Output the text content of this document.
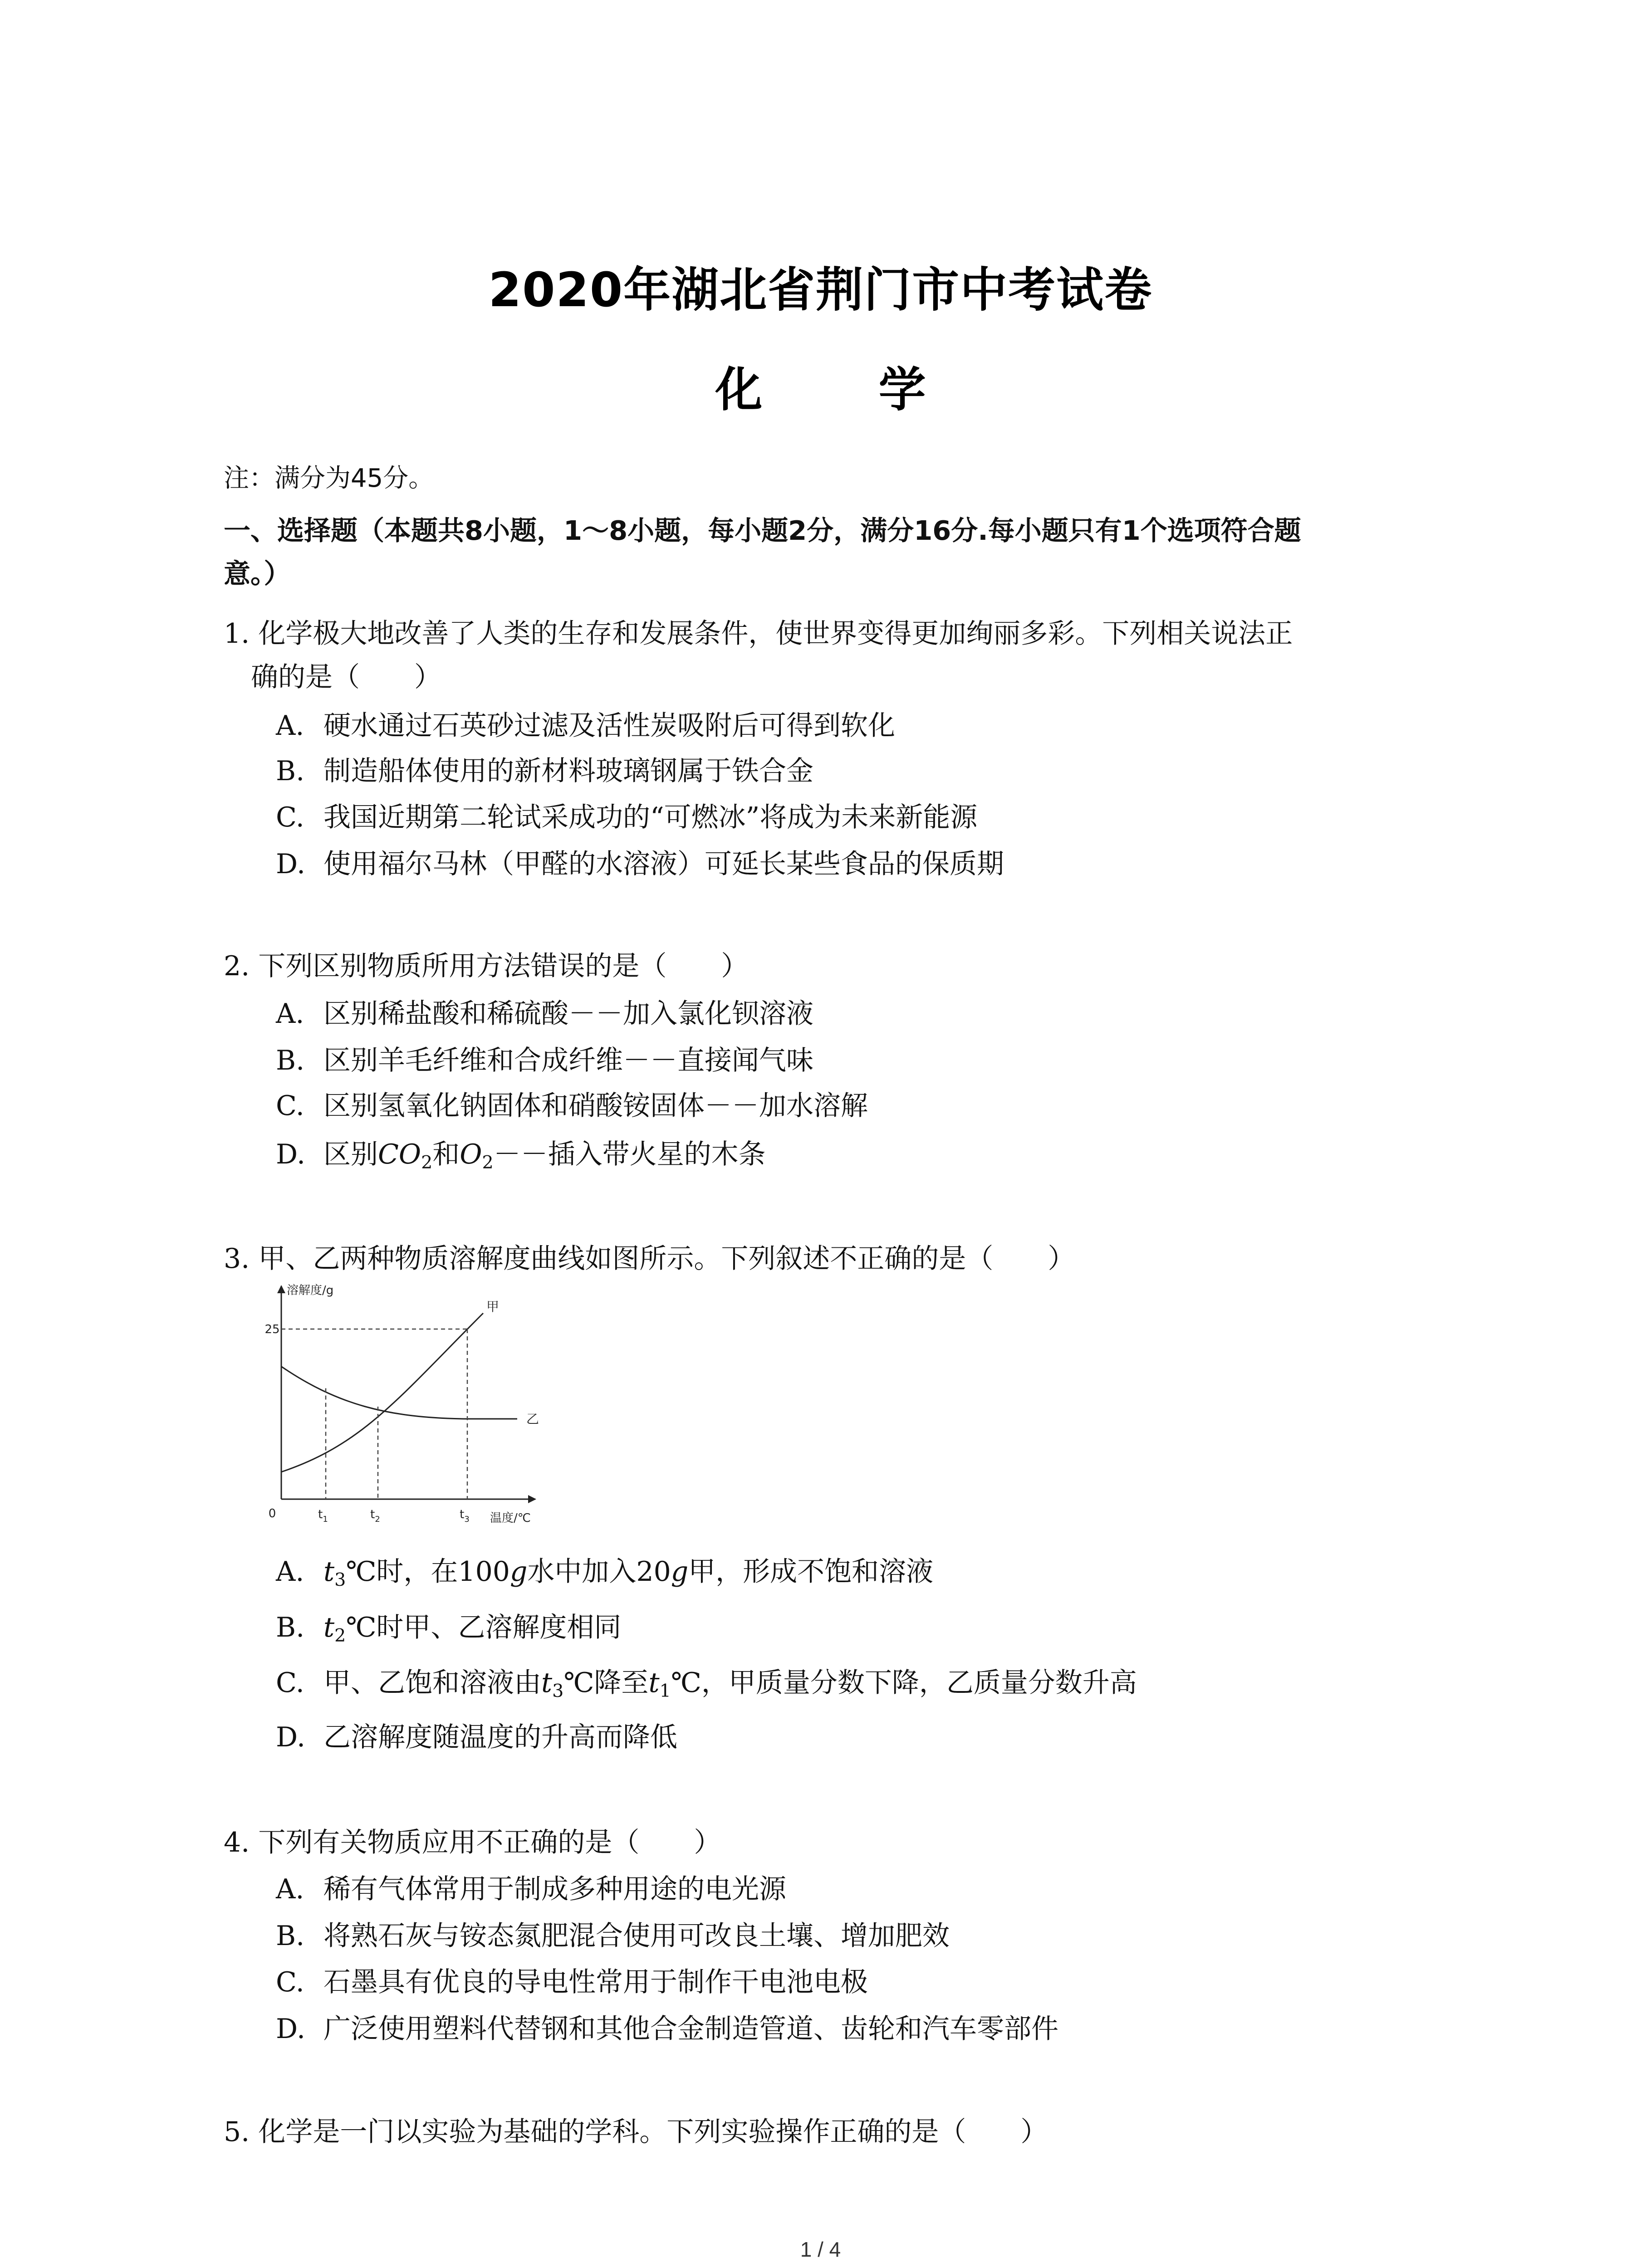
2020年湖北省荆门市中考试卷
化 学
注：满分为45分。
一、选择题（本题共8小题，1～8小题，每小题2分，满分16分.每小题只有1个选项符合题
意。）
1. 化学极大地改善了人类的生存和发展条件，使世界变得更加绚丽多彩。下列相关说法正
确的是（　　）
A. 硬水通过石英砂过滤及活性炭吸附后可得到软化
B. 制造船体使用的新材料玻璃钢属于铁合金
C. 我国近期第二轮试采成功的“可燃冰”将成为未来新能源
D. 使用福尔马林（甲醛的水溶液）可延长某些食品的保质期
2. 下列区别物质所用方法错误的是（　　）
A. 区别稀盐酸和稀硫酸－－加入氯化钡溶液
B. 区别羊毛纤维和合成纤维－－直接闻气味
C. 区别氢氧化钠固体和硝酸铵固体－－加水溶解
D. 区别$CO_2$和$O_2--$插入带火星的木条
3. 甲、乙两种物质溶解度曲线如图所示。下列叙述不正确的是（　　）
溶解度/g
温度/℃
0
25
甲
乙
$t_1$	$t_2$	$t_3$
A. $t_3℃$时，在100g水中加入20g甲，形成不饱和溶液
B. $t_2℃$时甲、乙溶解度相同
C. 甲、乙饱和溶液由$t_3℃$降至$t_1℃$，甲质量分数下降，乙质量分数升高
D. 乙溶解度随温度的升高而降低
4. 下列有关物质应用不正确的是（　　）
A. 稀有气体常用于制成多种用途的电光源
B. 将熟石灰与铵态氮肥混合使用可改良土壤、增加肥效
C. 石墨具有优良的导电性常用于制作干电池电极
D. 广泛使用塑料代替钢和其他合金制造管道、齿轮和汽车零部件
5. 化学是一门以实验为基础的学科。下列实验操作正确的是（　　）
1 / 4
